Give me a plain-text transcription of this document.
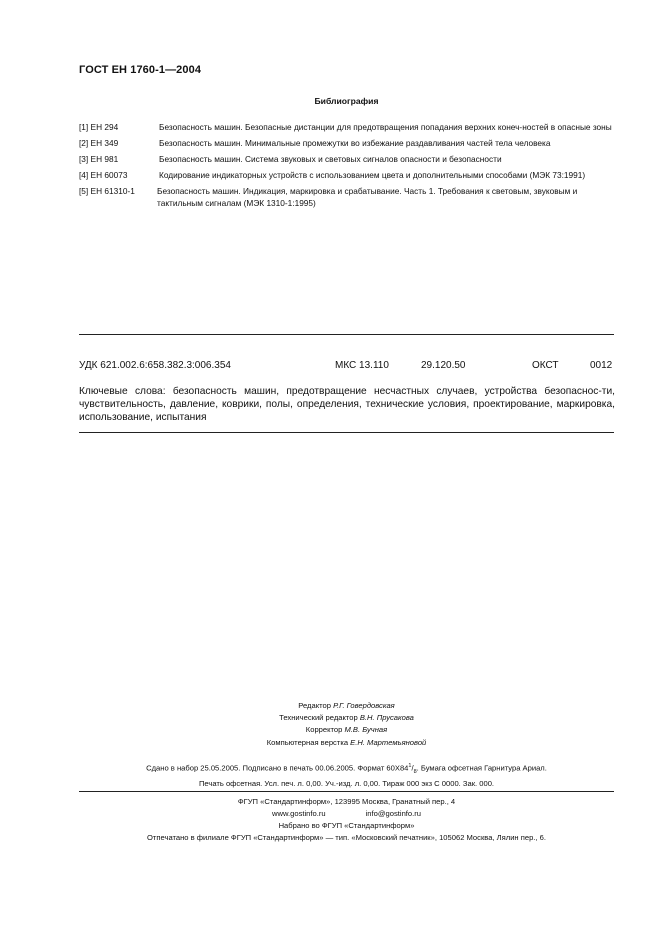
ГОСТ ЕН 1760-1—2004
Библиография
[1] ЕН 294	Безопасность машин. Безопасные дистанции для предотвращения попадания верхних конеч-ностей в опасные зоны
[2] ЕН 349	Безопасность машин. Минимальные промежутки во избежание раздавливания частей тела человека
[3] ЕН 981	Безопасность машин. Система звуковых и световых сигналов опасности и безопасности
[4] ЕН 60073	Кодирование индикаторных устройств с использованием цвета и дополнительными способами (МЭК 73:1991)
[5] ЕН 61310-1	Безопасность машин. Индикация, маркировка и срабатывание. Часть 1. Требования к световым, звуковым и тактильным сигналам (МЭК 1310-1:1995)
УДК 621.002.6:658.382.3:006.354	МКС 13.110	29.120.50	ОКСТ	0012
Ключевые слова: безопасность машин, предотвращение несчастных случаев, устройства безопаснос-ти, чувствительность, давление, коврики, полы, определения, технические условия, проектирование, маркировка, использование, испытания
Редактор Р.Г. Говердовская
Технический редактор В.Н. Прусакова
Корректор М.В. Бучная
Компьютерная верстка Е.Н. Мартемьяновой
Сдано в набор 25.05.2005. Подписано в печать 00.06.2005. Формат $60Х84^1/_8$. Бумага офсетная Гарнитура Ариал.
Печать офсетная. Усл. печ. л. 0,00. Уч.-изд. л. 0,00. Тираж 000 экз С 0000. Зак. 000.
ФГУП «Стандартинформ», 123995 Москва, Гранатный пер., 4
www.gostinfo.ru	info@gostinfo.ru
Набрано во ФГУП «Стандартинформ»
Отпечатано в филиале ФГУП «Стандартинформ» — тип. «Московский печатник», 105062 Москва, Лялин пер., 6.
